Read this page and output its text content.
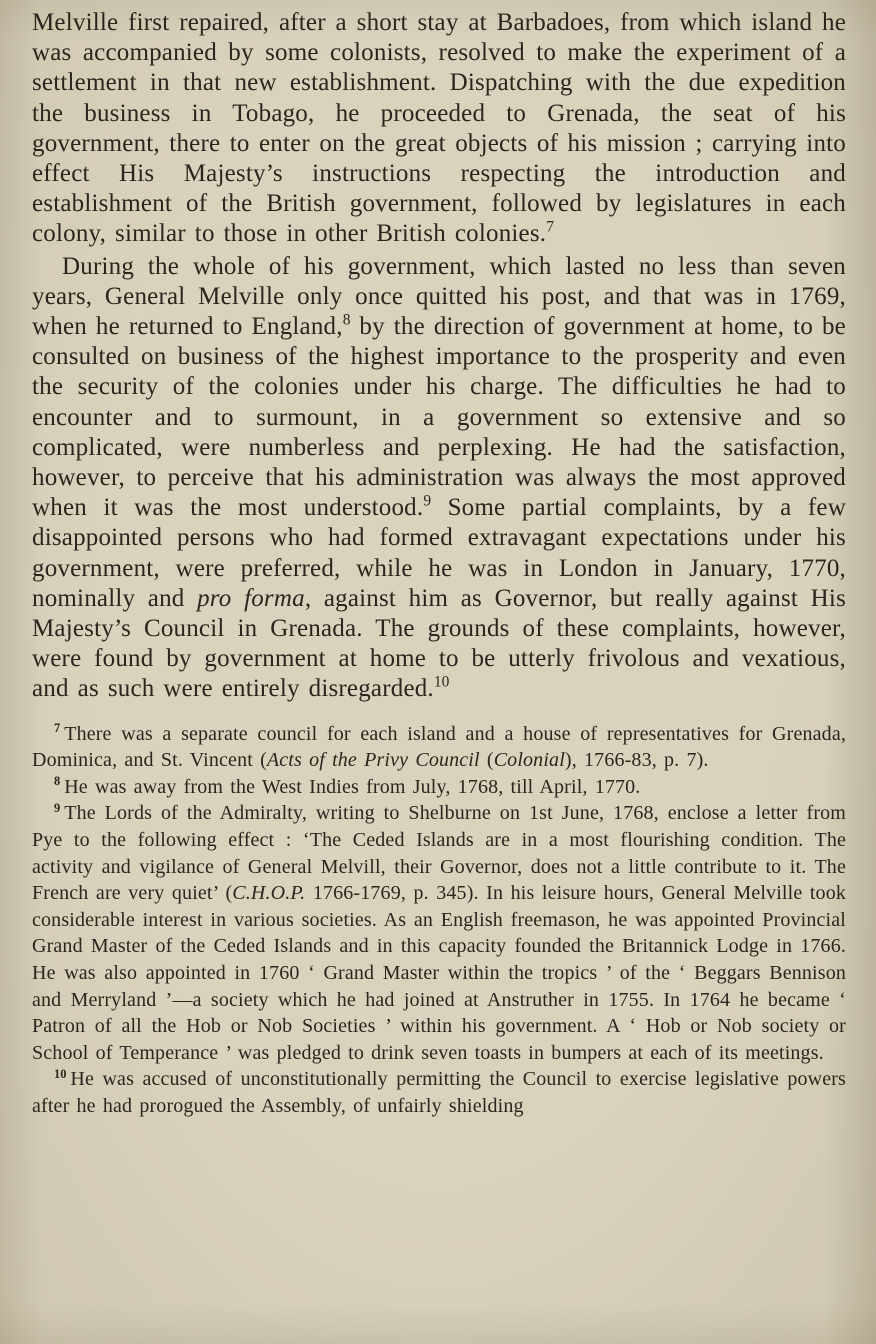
Melville first repaired, after a short stay at Barbadoes, from which island he was accompanied by some colonists, resolved to make the experiment of a settlement in that new establishment. Dispatching with the due expedition the business in Tobago, he proceeded to Grenada, the seat of his government, there to enter on the great objects of his mission ; carrying into effect His Majesty’s instructions respecting the introduction and establishment of the British government, followed by legislatures in each colony, similar to those in other British colonies.$^7$

During the whole of his government, which lasted no less than seven years, General Melville only once quitted his post, and that was in 1769, when he returned to England,$^8$ by the direction of government at home, to be consulted on business of the highest importance to the prosperity and even the security of the colonies under his charge. The difficulties he had to encounter and to surmount, in a government so extensive and so complicated, were numberless and perplexing. He had the satisfaction, however, to perceive that his administration was always the most approved when it was the most understood.$^9$ Some partial complaints, by a few disappointed persons who had formed extravagant expectations under his government, were preferred, while he was in London in January, 1770, nominally and pro forma, against him as Governor, but really against His Majesty’s Council in Grenada. The grounds of these complaints, however, were found by government at home to be utterly frivolous and vexatious, and as such were entirely disregarded.$^{10}$

$^7$ There was a separate council for each island and a house of representatives for Grenada, Dominica, and St. Vincent (Acts of the Privy Council (Colonial), 1766-83, p. 7).

$^8$ He was away from the West Indies from July, 1768, till April, 1770.

$^9$ The Lords of the Admiralty, writing to Shelburne on 1st June, 1768, enclose a letter from Pye to the following effect : ‘The Ceded Islands are in a most flourishing condition. The activity and vigilance of General Melvill, their Governor, does not a little contribute to it. The French are very quiet’ (C.H.O.P. 1766-1769, p. 345). In his leisure hours, General Melville took considerable interest in various societies. As an English freemason, he was appointed Provincial Grand Master of the Ceded Islands and in this capacity founded the Britannick Lodge in 1766. He was also appointed in 1760 ‘ Grand Master within the tropics ’ of the ‘ Beggars Bennison and Merryland ’—a society which he had joined at Anstruther in 1755. In 1764 he became ‘ Patron of all the Hob or Nob Societies ’ within his government. A ‘ Hob or Nob society or School of Temperance ’ was pledged to drink seven toasts in bumpers at each of its meetings.

$^{10}$ He was accused of unconstitutionally permitting the Council to exercise legislative powers after he had prorogued the Assembly, of unfairly shielding
